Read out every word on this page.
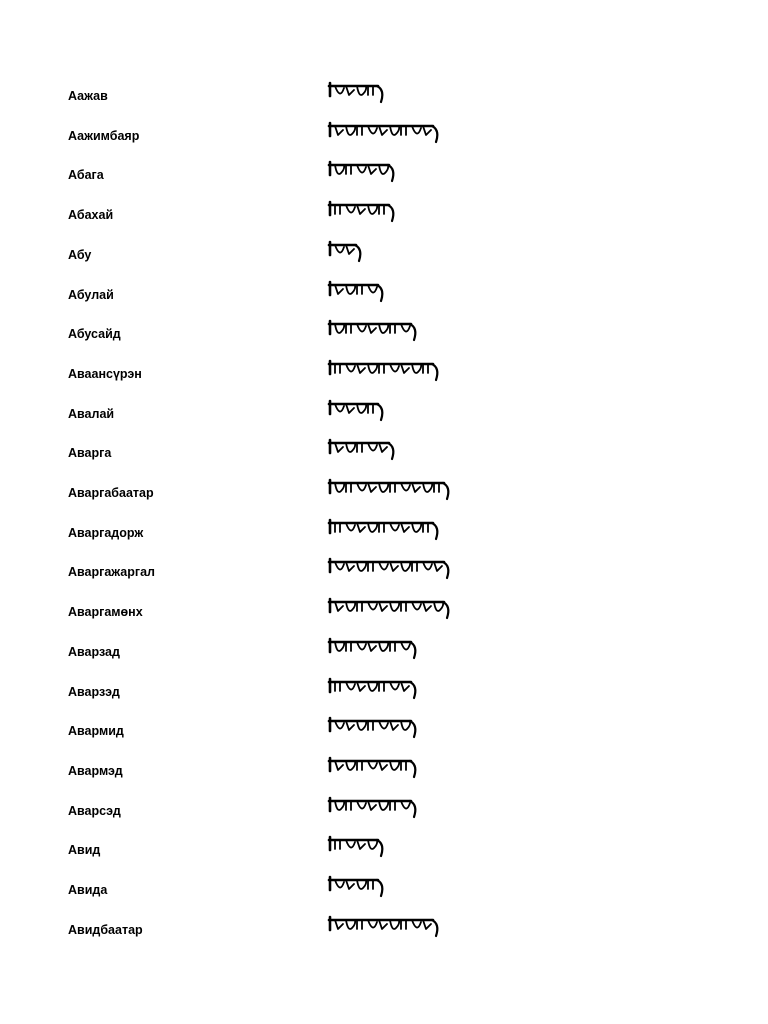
Аажав
Аажимбаяр
Абага
Абахай
Абу
Абулай
Абусайд
Аваансүрэн
Авалай
Аварга
Аваргабаатар
Аваргадорж
Аваргажаргал
Аваргамөнх
Аварзад
Аварзэд
Авармид
Авармэд
Аварсэд
Авид
Авида
Авидбаатар
